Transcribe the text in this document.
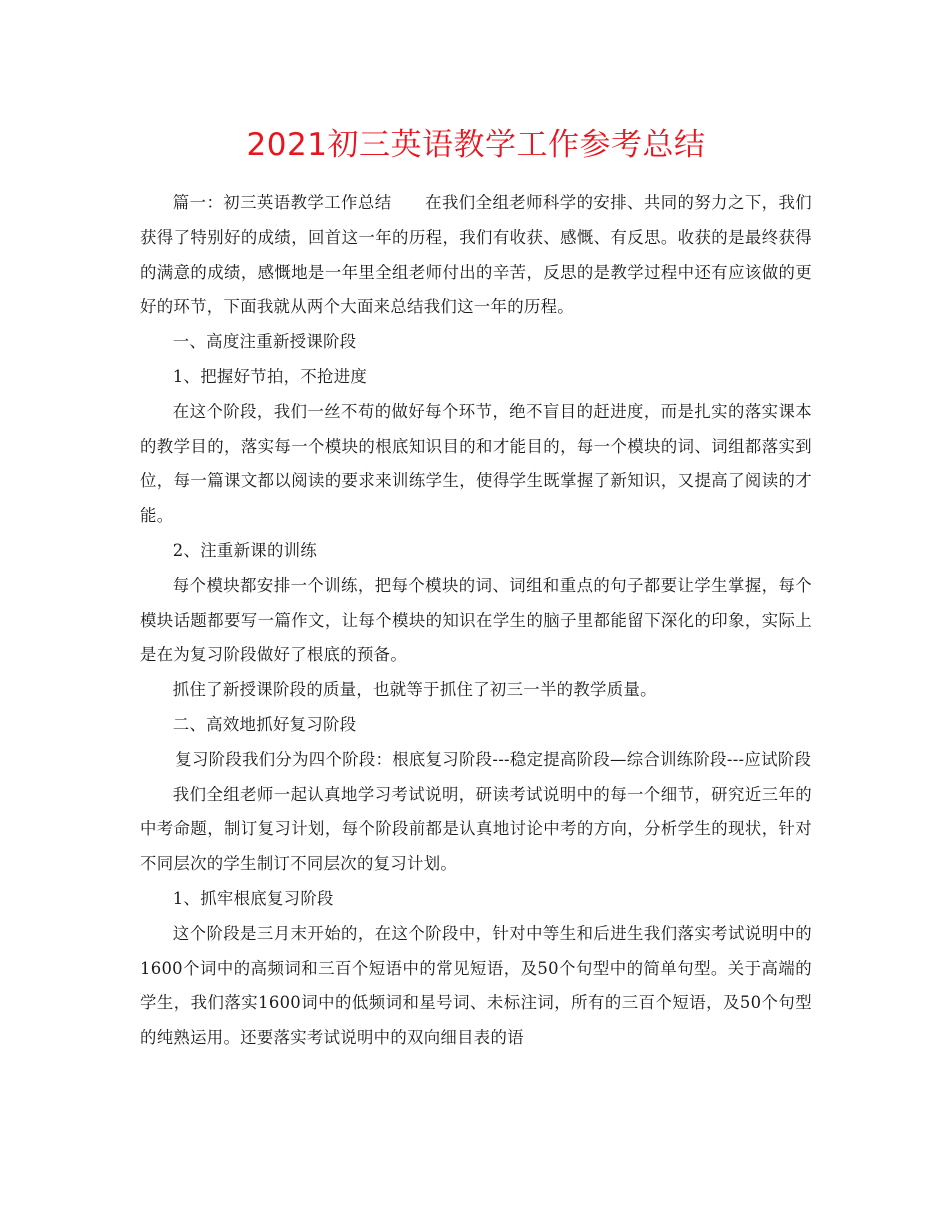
2021初三英语教学工作参考总结

篇一：初三英语教学工作总结　　在我们全组老师科学的安排、共同的努力之下，我们获得了特别好的成绩，回首这一年的历程，我们有收获、感慨、有反思。收获的是最终获得的满意的成绩，感慨地是一年里全组老师付出的辛苦，反思的是教学过程中还有应该做的更好的环节，下面我就从两个大面来总结我们这一年的历程。

一、高度注重新授课阶段

1、把握好节拍，不抢进度

在这个阶段，我们一丝不苟的做好每个环节，绝不盲目的赶进度，而是扎实的落实课本的教学目的，落实每一个模块的根底知识目的和才能目的，每一个模块的词、词组都落实到位，每一篇课文都以阅读的要求来训练学生，使得学生既掌握了新知识，又提高了阅读的才能。

2、注重新课的训练

每个模块都安排一个训练，把每个模块的词、词组和重点的句子都要让学生掌握，每个模块话题都要写一篇作文，让每个模块的知识在学生的脑子里都能留下深化的印象，实际上是在为复习阶段做好了根底的预备。

抓住了新授课阶段的质量，也就等于抓住了初三一半的教学质量。

二、高效地抓好复习阶段

复习阶段我们分为四个阶段：根底复习阶段---稳定提高阶段—综合训练阶段---应试阶段

我们全组老师一起认真地学习考试说明，研读考试说明中的每一个细节，研究近三年的中考命题，制订复习计划，每个阶段前都是认真地讨论中考的方向，分析学生的现状，针对不同层次的学生制订不同层次的复习计划。

1、抓牢根底复习阶段

这个阶段是三月末开始的，在这个阶段中，针对中等生和后进生我们落实考试说明中的1600个词中的高频词和三百个短语中的常见短语，及50个句型中的简单句型。关于高端的学生，我们落实1600词中的低频词和星号词、未标注词，所有的三百个短语，及50个句型的纯熟运用。还要落实考试说明中的双向细目表的语
